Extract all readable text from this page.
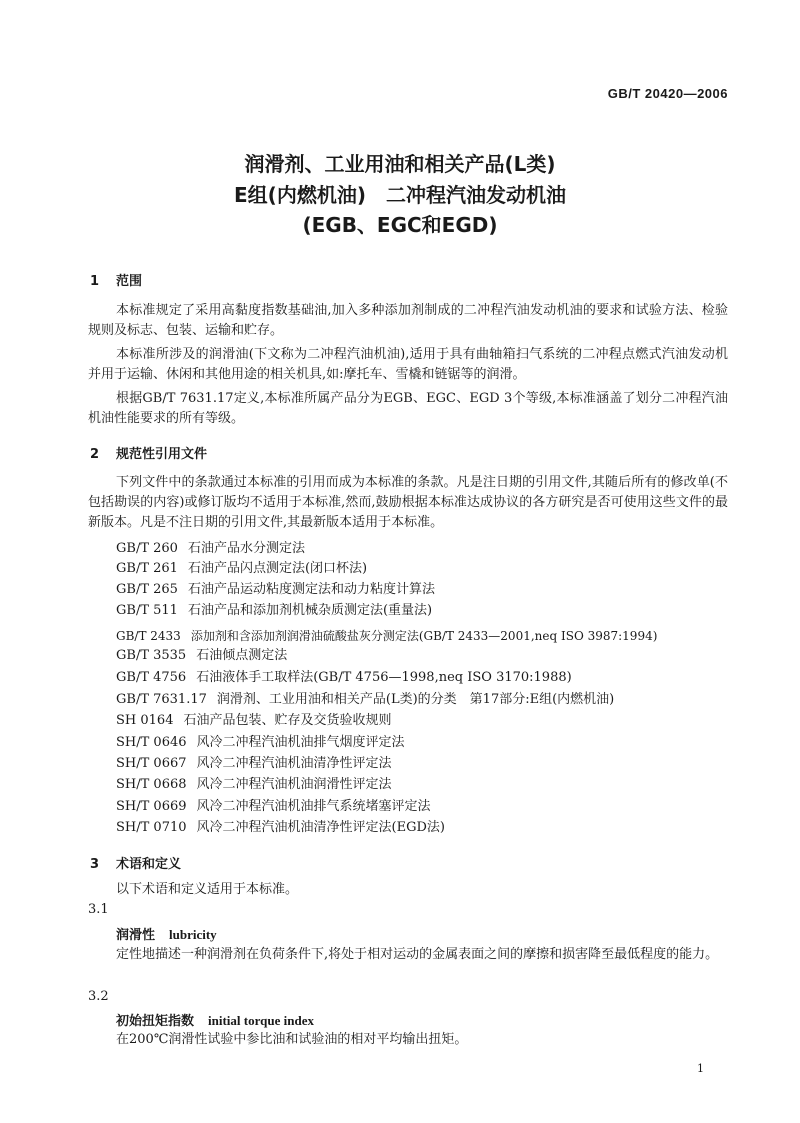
GB/T 20420—2006
润滑剂、工业用油和相关产品(L类)
E组(内燃机油)　二冲程汽油发动机油
(EGB、EGC和EGD)
1 范围
本标准规定了采用高黏度指数基础油,加入多种添加剂制成的二冲程汽油发动机油的要求和试验方法、检验规则及标志、包装、运输和贮存。
本标准所涉及的润滑油(下文称为二冲程汽油机油),适用于具有曲轴箱扫气系统的二冲程点燃式汽油发动机并用于运输、休闲和其他用途的相关机具,如:摩托车、雪橇和链锯等的润滑。
根据GB/T 7631.17定义,本标准所属产品分为EGB、EGC、EGD 3个等级,本标准涵盖了划分二冲程汽油机油性能要求的所有等级。
2 规范性引用文件
下列文件中的条款通过本标准的引用而成为本标准的条款。凡是注日期的引用文件,其随后所有的修改单(不包括勘误的内容)或修订版均不适用于本标准,然而,鼓励根据本标准达成协议的各方研究是否可使用这些文件的最新版本。凡是不注日期的引用文件,其最新版本适用于本标准。
GB/T 260 石油产品水分测定法
GB/T 261 石油产品闪点测定法(闭口杯法)
GB/T 265 石油产品运动粘度测定法和动力粘度计算法
GB/T 511 石油产品和添加剂机械杂质测定法(重量法)
GB/T 2433 添加剂和含添加剂润滑油硫酸盐灰分测定法(GB/T 2433—2001,neq ISO 3987:1994)
GB/T 3535 石油倾点测定法
GB/T 4756 石油液体手工取样法(GB/T 4756—1998,neq ISO 3170:1988)
GB/T 7631.17 润滑剂、工业用油和相关产品(L类)的分类　第17部分:E组(内燃机油)
SH 0164 石油产品包装、贮存及交货验收规则
SH/T 0646 风冷二冲程汽油机油排气烟度评定法
SH/T 0667 风冷二冲程汽油机油清净性评定法
SH/T 0668 风冷二冲程汽油机油润滑性评定法
SH/T 0669 风冷二冲程汽油机油排气系统堵塞评定法
SH/T 0710 风冷二冲程汽油机油清净性评定法(EGD法)
3 术语和定义
以下术语和定义适用于本标准。
3.1
润滑性 lubricity
定性地描述一种润滑剂在负荷条件下,将处于相对运动的金属表面之间的摩擦和损害降至最低程度的能力。
3.2
初始扭矩指数 initial torque index
在200℃润滑性试验中参比油和试验油的相对平均输出扭矩。
1
